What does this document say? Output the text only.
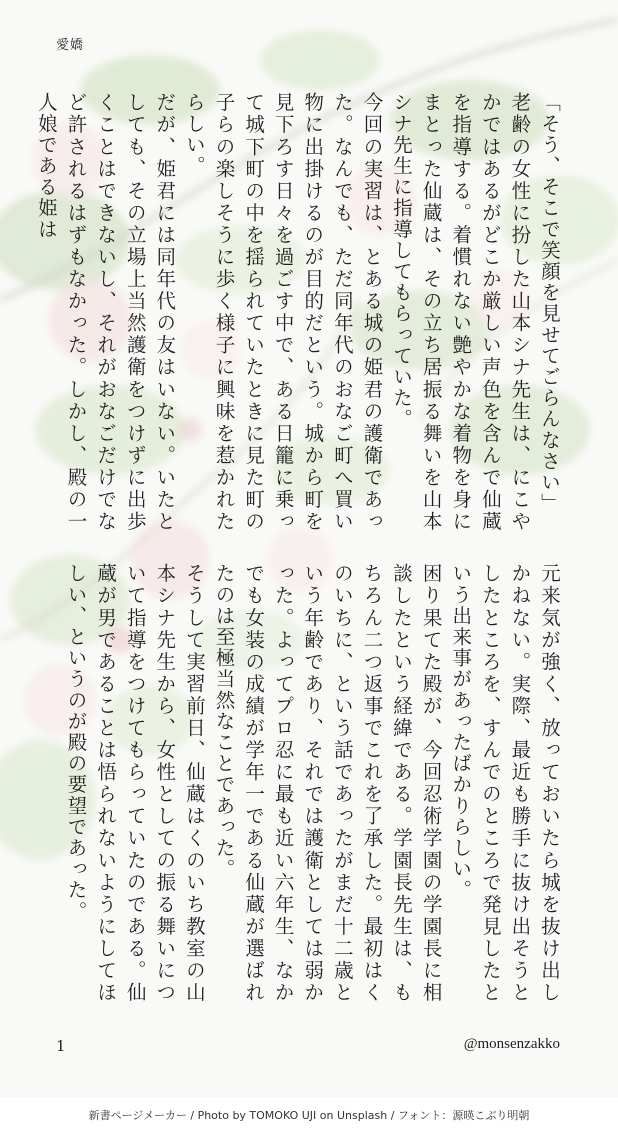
愛嬌
「そう、そこで笑顔を見せてごらんなさい」
老齢の女性に扮した山本シナ先生は、にこやかではあるがどこか厳しい声色を含んで仙蔵を指導する。着慣れない艶やかな着物を身にまとった仙蔵は、その立ち居振る舞いを山本シナ先生に指導してもらっていた。
今回の実習は、とある城の姫君の護衛であった。なんでも、ただ同年代のおなご町へ買い物に出掛けるのが目的だという。城から町を見下ろす日々を過ごす中で、ある日籠に乗って城下町の中を揺られていたときに見た町の子らの楽しそうに歩く様子に興味を惹かれたらしい。
だが、姫君には同年代の友はいない。いたとしても、その立場上当然護衛をつけずに出歩くことはできないし、それがおなごだけでなど許されるはずもなかった。しかし、殿の一人娘である姫は
元来気が強く、放っておいたら城を抜け出しかねない。実際、最近も勝手に抜け出そうとしたところを、すんでのところで発見したという出来事があったばかりらしい。
困り果てた殿が、今回忍術学園の学園長に相談したという経緯である。学園長先生は、もちろん二つ返事でこれを了承した。最初はくのいちに、という話であったがまだ十二歳という年齢であり、それでは護衛としては弱かった。よってプロ忍に最も近い六年生、なかでも女装の成績が学年一である仙蔵が選ばれたのは至極当然なことであった。
そうして実習前日、仙蔵はくのいち教室の山本シナ先生から、女性としての振る舞いについて指導をつけてもらっていたのである。仙蔵が男であることは悟られないようにしてほしい、というのが殿の要望であった。
1	@monsenzakko
新書ページメーカー / Photo by TOMOKO UJI on Unsplash / フォント：源暎こぶり明朝
